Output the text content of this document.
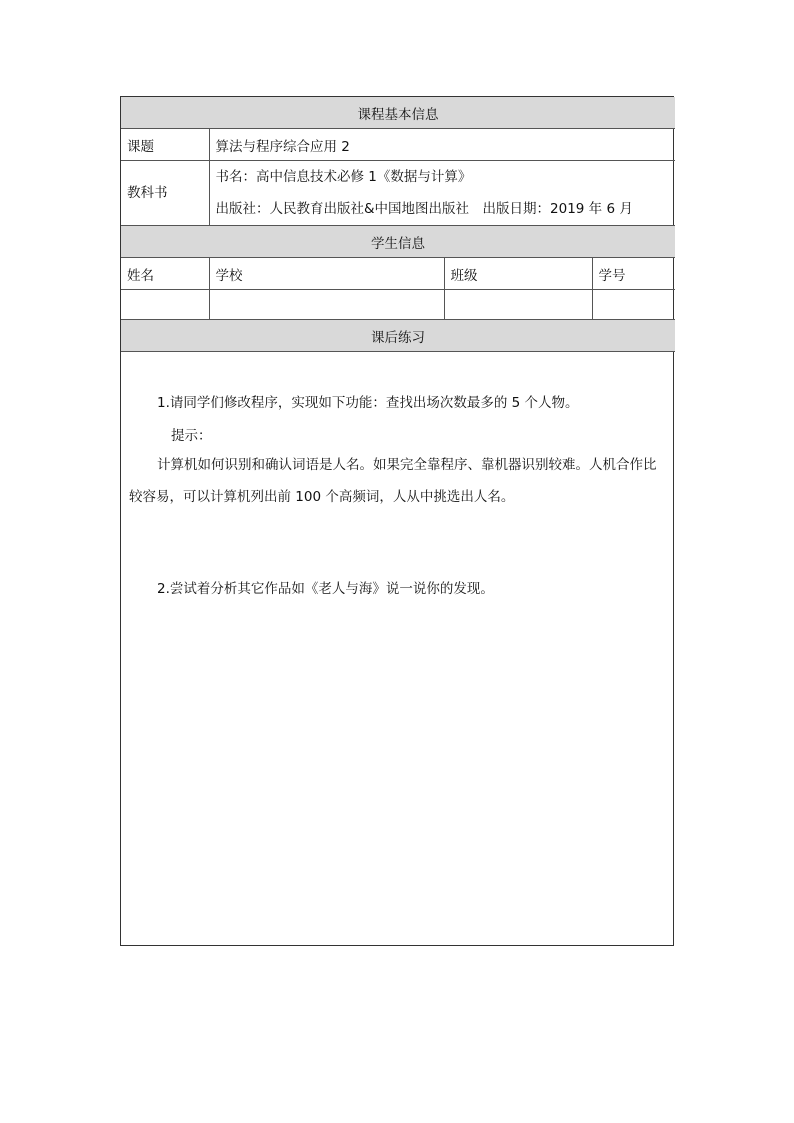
课程基本信息			
课题	算法与程序综合应用 2		
教科书	书名：高中信息技术必修 1《数据与计算》
出版社：人民教育出版社&中国地图出版社　出版日期：2019 年 6 月		

学生信息			
姓名	学校	班级	学号

课后练习			
1.请同学们修改程序，实现如下功能：查找出场次数最多的 5 个人物。
提示：
计算机如何识别和确认词语是人名。如果完全靠程序、靠机器识别较难。人机合作比较容易，可以计算机列出前 100 个高频词，人从中挑选出人名。
2.尝试着分析其它作品如《老人与海》说一说你的发现。
